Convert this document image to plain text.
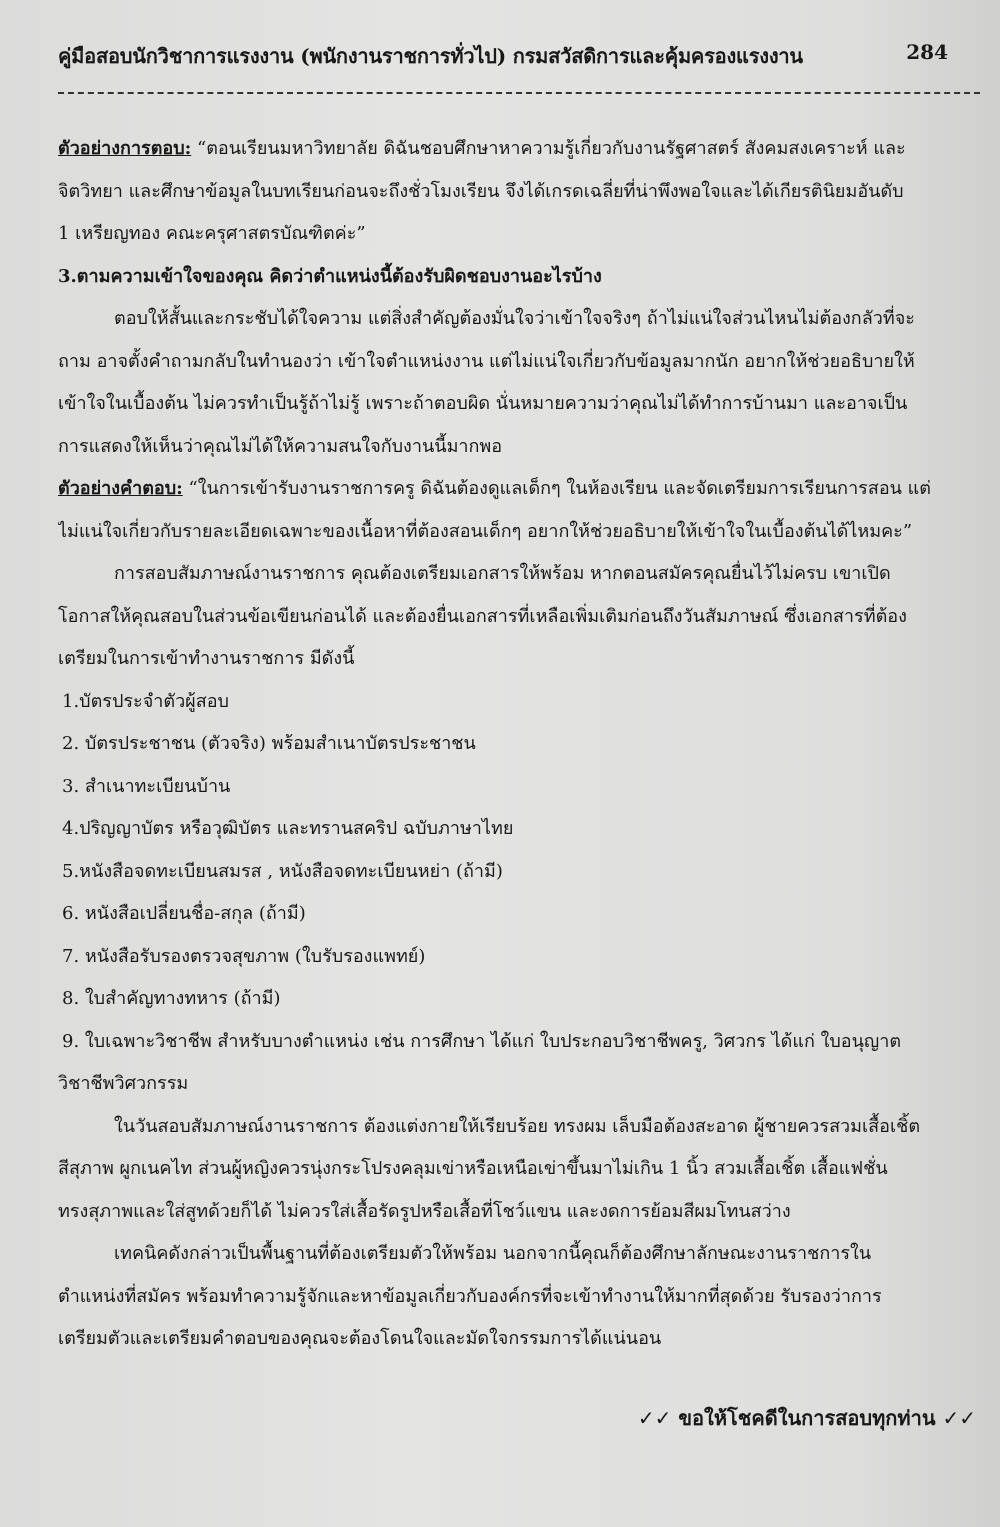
คู่มือสอบนักวิชาการแรงงาน (พนักงานราชการทั่วไป) กรมสวัสดิการและคุ้มครองแรงงาน	284
ตัวอย่างการตอบ: “ตอนเรียนมหาวิทยาลัย ดิฉันชอบศึกษาหาความรู้เกี่ยวกับงานรัฐศาสตร์ สังคมสงเคราะห์ และ
จิตวิทยา และศึกษาข้อมูลในบทเรียนก่อนจะถึงชั่วโมงเรียน จึงได้เกรดเฉลี่ยที่น่าพึงพอใจและได้เกียรตินิยมอันดับ
1 เหรียญทอง คณะครุศาสตรบัณฑิตค่ะ”
3.ตามความเข้าใจของคุณ คิดว่าตำแหน่งนี้ต้องรับผิดชอบงานอะไรบ้าง
ตอบให้สั้นและกระชับได้ใจความ แต่สิ่งสำคัญต้องมั่นใจว่าเข้าใจจริงๆ ถ้าไม่แน่ใจส่วนไหนไม่ต้องกลัวที่จะ
ถาม อาจตั้งคำถามกลับในทำนองว่า เข้าใจตำแหน่งงาน แต่ไม่แน่ใจเกี่ยวกับข้อมูลมากนัก อยากให้ช่วยอธิบายให้
เข้าใจในเบื้องต้น ไม่ควรทำเป็นรู้ถ้าไม่รู้ เพราะถ้าตอบผิด นั่นหมายความว่าคุณไม่ได้ทำการบ้านมา และอาจเป็น
การแสดงให้เห็นว่าคุณไม่ได้ให้ความสนใจกับงานนี้มากพอ
ตัวอย่างคำตอบ: “ในการเข้ารับงานราชการครู ดิฉันต้องดูแลเด็กๆ ในห้องเรียน และจัดเตรียมการเรียนการสอน แต่
ไม่แน่ใจเกี่ยวกับรายละเอียดเฉพาะของเนื้อหาที่ต้องสอนเด็กๆ อยากให้ช่วยอธิบายให้เข้าใจในเบื้องต้นได้ไหมคะ”
การสอบสัมภาษณ์งานราชการ คุณต้องเตรียมเอกสารให้พร้อม หากตอนสมัครคุณยื่นไว้ไม่ครบ เขาเปิด
โอกาสให้คุณสอบในส่วนข้อเขียนก่อนได้ และต้องยื่นเอกสารที่เหลือเพิ่มเติมก่อนถึงวันสัมภาษณ์ ซึ่งเอกสารที่ต้อง
เตรียมในการเข้าทำงานราชการ มีดังนี้
1.บัตรประจำตัวผู้สอบ
2. บัตรประชาชน (ตัวจริง) พร้อมสำเนาบัตรประชาชน
3. สำเนาทะเบียนบ้าน
4.ปริญญาบัตร หรือวุฒิบัตร และทรานสคริป ฉบับภาษาไทย
5.หนังสือจดทะเบียนสมรส , หนังสือจดทะเบียนหย่า (ถ้ามี)
6. หนังสือเปลี่ยนชื่อ-สกุล (ถ้ามี)
7. หนังสือรับรองตรวจสุขภาพ (ใบรับรองแพทย์)
8. ใบสำคัญทางทหาร (ถ้ามี)
9. ใบเฉพาะวิชาชีพ สำหรับบางตำแหน่ง เช่น การศึกษา ได้แก่ ใบประกอบวิชาชีพครู, วิศวกร ได้แก่ ใบอนุญาต
วิชาชีพวิศวกรรม
ในวันสอบสัมภาษณ์งานราชการ ต้องแต่งกายให้เรียบร้อย ทรงผม เล็บมือต้องสะอาด ผู้ชายควรสวมเสื้อเชิ้ต
สีสุภาพ ผูกเนคไท ส่วนผู้หญิงควรนุ่งกระโปรงคลุมเข่าหรือเหนือเข่าขึ้นมาไม่เกิน 1 นิ้ว สวมเสื้อเชิ้ต เสื้อแฟชั่น
ทรงสุภาพและใส่สูทด้วยก็ได้ ไม่ควรใส่เสื้อรัดรูปหรือเสื้อที่โชว์แขน และงดการย้อมสีผมโทนสว่าง
เทคนิคดังกล่าวเป็นพื้นฐานที่ต้องเตรียมตัวให้พร้อม นอกจากนี้คุณก็ต้องศึกษาลักษณะงานราชการใน
ตำแหน่งที่สมัคร พร้อมทำความรู้จักและหาข้อมูลเกี่ยวกับองค์กรที่จะเข้าทำงานให้มากที่สุดด้วย รับรองว่าการ
เตรียมตัวและเตรียมคำตอบของคุณจะต้องโดนใจและมัดใจกรรมการได้แน่นอน
✓✓ ขอให้โชคดีในการสอบทุกท่าน ✓✓
